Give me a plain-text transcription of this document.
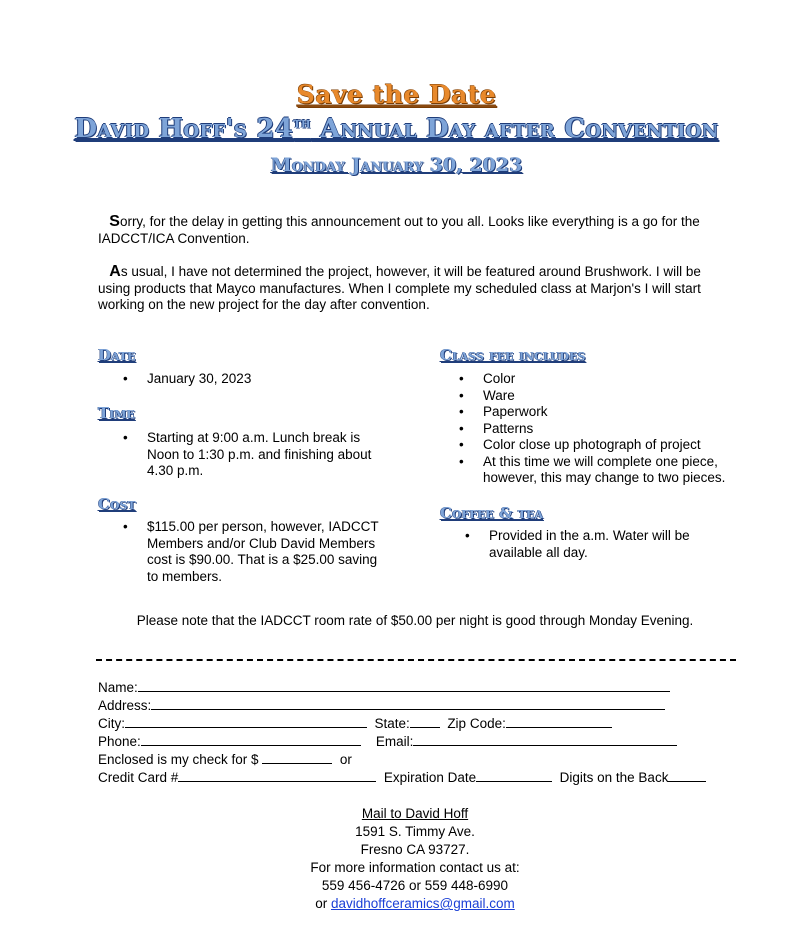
Save the Date
David Hoff's 24th Annual Day after Convention
Monday January 30, 2023
Sorry, for the delay in getting this announcement out to you all. Looks like everything is a go for the IADCCT/ICA Convention.
As usual, I have not determined the project, however, it will be featured around Brushwork. I will be using products that Mayco manufactures. When I complete my scheduled class at Marjon's I will start working on the new project for the day after convention.
Date
• January 30, 2023
Time
• Starting at 9:00 a.m. Lunch break is Noon to 1:30 p.m. and finishing about 4.30 p.m.
Cost
• $115.00 per person, however, IADCCT Members and/or Club David Members cost is $90.00. That is a $25.00 saving to members.
Class fee includes
• Color
• Ware
• Paperwork
• Patterns
• Color close up photograph of project
• At this time we will complete one piece, however, this may change to two pieces.
Coffee & tea
• Provided in the a.m. Water will be available all day.
Please note that the IADCCT room rate of $50.00 per night is good through Monday Evening.
Name:
Address:
City:	State:	Zip Code:
Phone:	Email:
Enclosed is my check for $	or
Credit Card #	Expiration Date	Digits on the Back
Mail to David Hoff
1591 S. Timmy Ave.
Fresno CA 93727.
For more information contact us at:
559 456-4726 or 559 448-6990
or davidhoffceramics@gmail.com
